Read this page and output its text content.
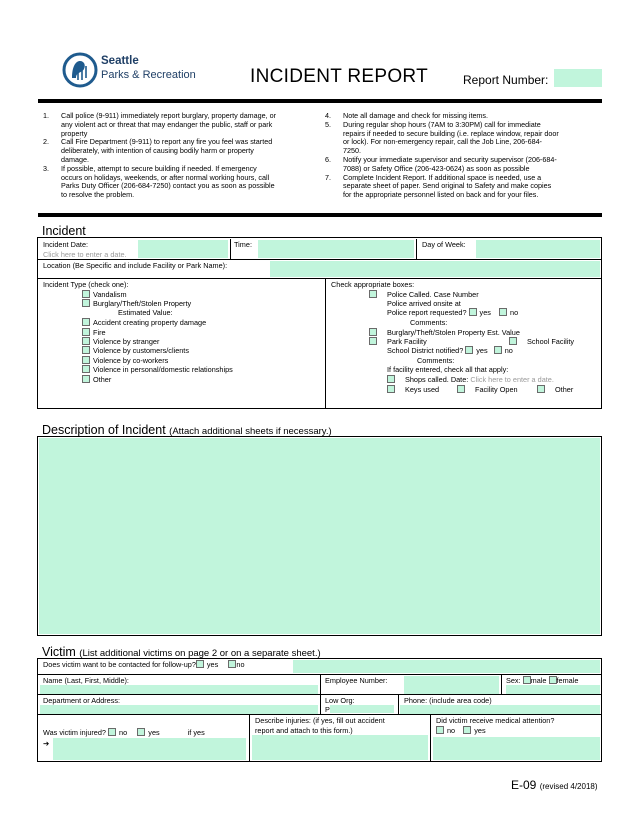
Seattle
Parks & Recreation	INCIDENT REPORT	Report Number:
1. Call police (9-911) immediately report burglary, property damage, or
any violent act or threat that may endanger the public, staff or park
property
2. Call Fire Department (9-911) to report any fire you feel was started
deliberately, with intention of causing bodily harm or property
damage.
3. If possible, attempt to secure building if needed. If emergency
occurs on holidays, weekends, or after normal working hours, call
Parks Duty Officer (206-684-7250) contact you as soon as possible
to resolve the problem.
4. Note all damage and check for missing items.
5. During regular shop hours (7AM to 3:30PM) call for immediate
repairs if needed to secure building (i.e. replace window, repair door
or lock). For non-emergency repair, call the Job Line, 206-684-
7250.
6. Notify your immediate supervisor and security supervisor (206-684-
7088) or Safety Office (206-423-0624) as soon as possible
7. Complete Incident Report. If additional space is needed, use a
separate sheet of paper. Send original to Safety and make copies
for the appropriate personnel listed on back and for your files.
Incident
Incident Date:
Click here to enter a date.
Time:	Day of Week:
Location (Be Specific and include Facility or Park Name):
Incident Type (check one):
Vandalism
Burglary/Theft/Stolen Property
Estimated Value:
Accident creating property damage
Fire
Violence by stranger
Violence by customers/clients
Violence by co-workers
Violence in personal/domestic relationships
Other
Check appropriate boxes:
Police Called. Case Number
Police arrived onsite at
Police report requested? yes	no
Comments:
Burglary/Theft/Stolen Property Est. Value
Park Facility	School Facility
School District notified? yes no
Comments:
If facility entered, check all that apply:
Shops called. Date: Click here to enter a date.
Keys used	Facility Open	Other
Description of Incident (Attach additional sheets if necessary.)
Victim (List additional victims on page 2 or on a separate sheet.)
Does victim want to be contacted for follow-up? yes no
Name (Last, First, Middle):	Employee Number:	Sex: male female
Department or Address:	Low Org:
P
Phone: (include area code)
Was victim injured? no	yes	if yes
➔
Describe injuries: (if yes, fill out accident
report and attach to this form.)
Did victim receive medical attention?
no	yes
E-09 (revised 4/2018)
